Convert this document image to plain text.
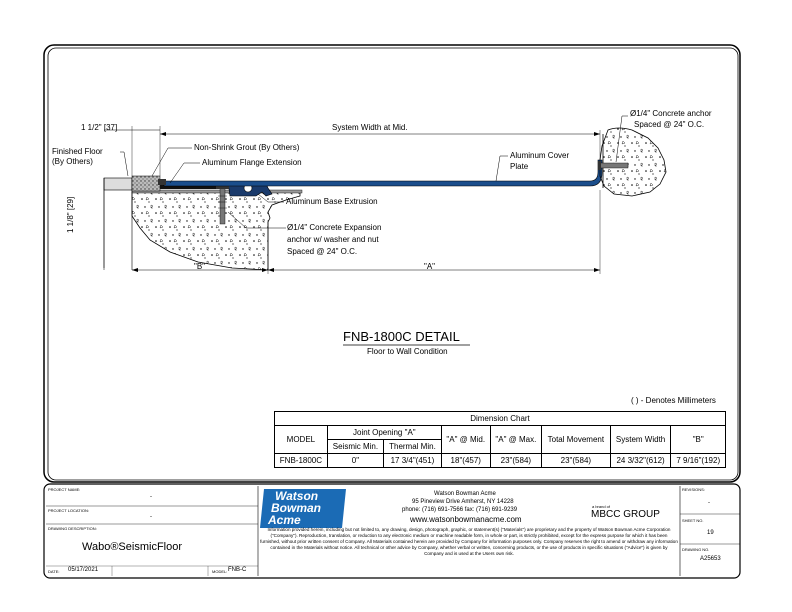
1 1/2" [37]	System Width at Mid.
Ø1/4" Concrete anchor
Spaced @ 24" O.C.
Finished Floor
(By Others)
Non-Shrink Grout (By Others)
Aluminum Flange Extension
Aluminum Cover
Plate
Aluminum Base Extrusion
Ø1/4" Concrete Expansion
anchor w/ washer and nut
Spaced @ 24" O.C.
1 1/8" [29]
"B"	"A"
FNB-1800C DETAIL
Floor to Wall Condition
( ) - Denotes Millimeters
Dimension Chart							
MODEL	Joint Opening "A"		"A" @ Mid.	"A" @ Max.	Total Movement	System Width	"B"
	Seismic Min.	Thermal Min.					
FNB-1800C	0"	17 3/4"(451)	18"(457)	23"(584)	23"(584)	24 3/32"(612)	7 9/16"(192)
PROJECT NAME:
-
PROJECT LOCATION:
-
DRAWING DESCRIPTION:
Wabo®SeismicFloor
DATE: 05/17/2021	MODEL: FNB-C
Watson
Bowman
Acme
Watson Bowman Acme
95 Pineview Drive Amherst, NY 14228
phone: (716) 691-7566 fax: (716) 691-9239
www.watsonbowmanacme.com
a brand of
MBCC GROUP
Information provided herein, including but not limited to, any drawing, design, photograph, graphic, or statement(s) ("Materials") are proprietary and the property of Watson Bowman Acme Corporation ("Company"). Reproduction, translation, or reduction to any electronic medium or machine readable form, in whole or part, is strictly prohibited, except for the express purpose for which it has been furnished, without prior written consent of Company. All Materials contained herein are provided by Company for information purposes only. Company reserves the right to amend or withdraw any information contained in the Materials without notice. All technical or other advice by Company, whether verbal or written, concerning products, or the use of products in specific situations ("Advice") is given by Company and is used at the Users own risk.
REVISIONS:
-
SHEET NO.
19
DRAWING NO.
A25653
